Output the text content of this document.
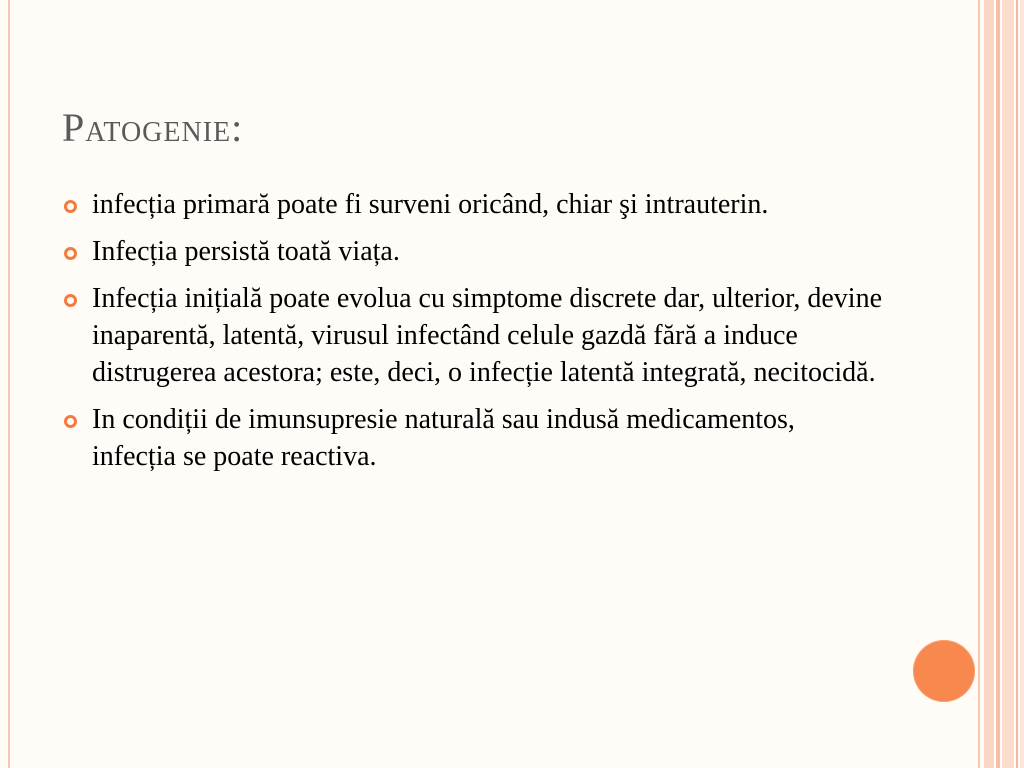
Patogenie:
infecția primară poate fi surveni oricând, chiar şi intrauterin.
Infecția persistă toată viața.
Infecția inițială poate evolua cu simptome discrete dar, ulterior, devine inaparentă, latentă, virusul infectând celule gazdă fără a induce distrugerea acestora; este, deci, o infecție latentă integrată, necitocidă.
In condiții de imunsupresie naturală sau indusă medicamentos, infecția se poate reactiva.
